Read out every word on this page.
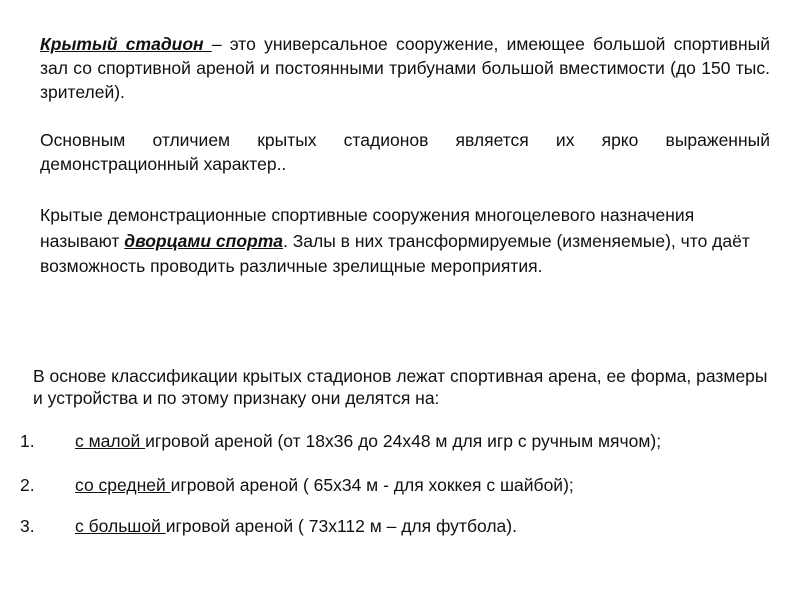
Крытый стадион – это универсальное сооружение, имеющее большой спортивный зал со спортивной ареной и постоянными трибунами большой вместимости (до 150 тыс. зрителей).

Основным отличием крытых стадионов является их ярко выраженный демонстрационный характер..

Крытые демонстрационные спортивные сооружения многоцелевого назначения называют дворцами спорта. Залы в них трансформируемые (изменяемые), что даёт возможность проводить различные зрелищные мероприятия.

В основе классификации крытых стадионов лежат спортивная арена, ее форма, размеры и устройства и по этому признаку они делятся на:

1. с малой игровой ареной (от 18х36 до 24х48 м для игр с ручным мячом);
2. со средней игровой ареной ( 65х34 м - для хоккея с шайбой);
3. с большой игровой ареной ( 73х112 м – для футбола).
